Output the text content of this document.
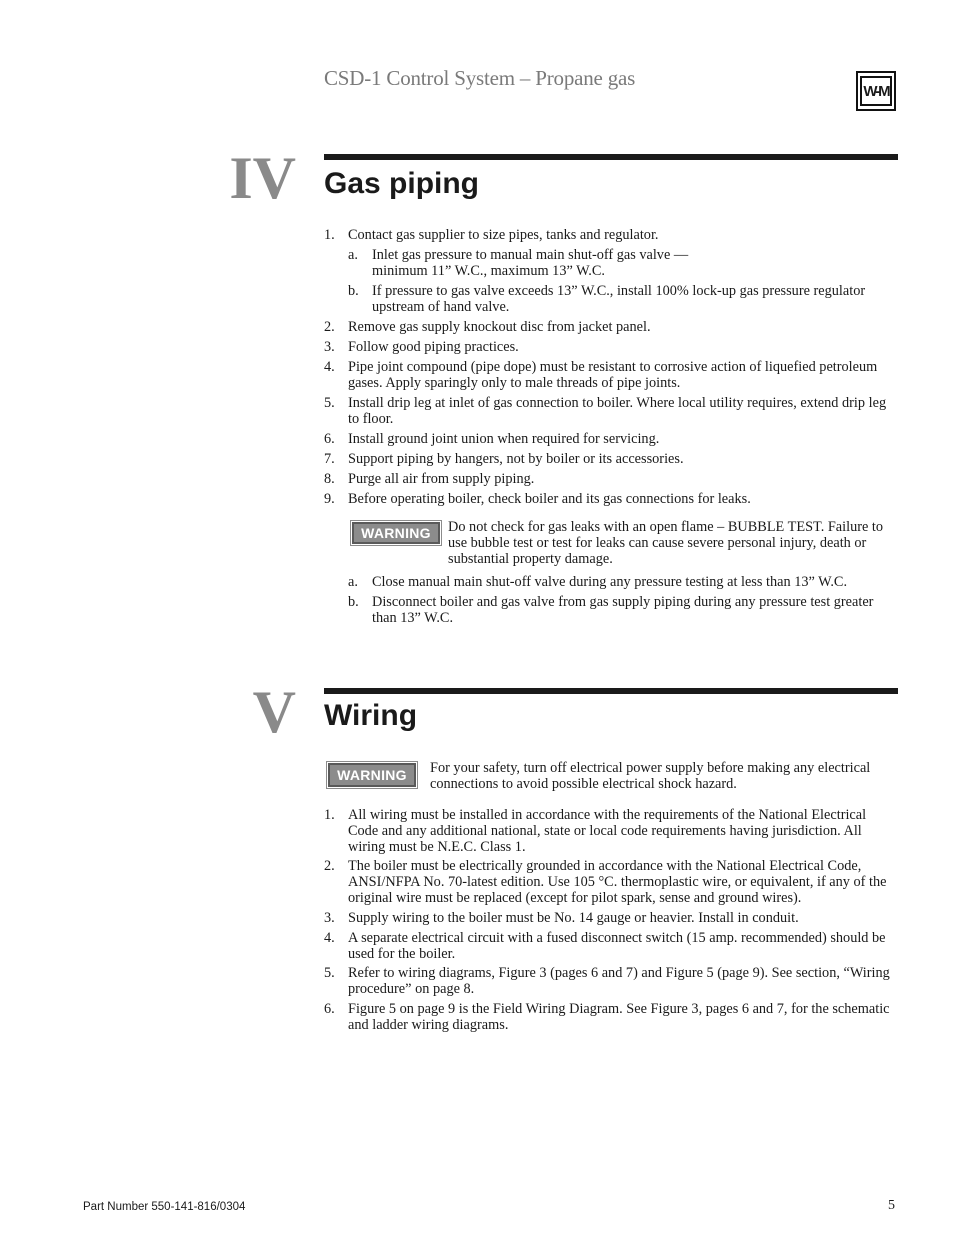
CSD-1 Control System – Propane gas
W-M
IV Gas piping
1. Contact gas supplier to size pipes, tanks and regulator.
a. Inlet gas pressure to manual main shut-off gas valve — minimum 11” W.C., maximum 13” W.C.
b. If pressure to gas valve exceeds 13” W.C., install 100% lock-up gas pressure regulator upstream of hand valve.
2. Remove gas supply knockout disc from jacket panel.
3. Follow good piping practices.
4. Pipe joint compound (pipe dope) must be resistant to corrosive action of liquefied petroleum gases. Apply sparingly only to male threads of pipe joints.
5. Install drip leg at inlet of gas connection to boiler. Where local utility requires, extend drip leg to floor.
6. Install ground joint union when required for servicing.
7. Support piping by hangers, not by boiler or its accessories.
8. Purge all air from supply piping.
9. Before operating boiler, check boiler and its gas connections for leaks.
WARNING	Do not check for gas leaks with an open flame – BUBBLE TEST. Failure to use bubble test or test for leaks can cause severe personal injury, death or substantial property damage.
a. Close manual main shut-off valve during any pressure testing at less than 13” W.C.
b. Disconnect boiler and gas valve from gas supply piping during any pressure test greater than 13” W.C.
V Wiring
WARNING	For your safety, turn off electrical power supply before making any electrical connections to avoid possible electrical shock hazard.
1. All wiring must be installed in accordance with the requirements of the National Electrical Code and any additional national, state or local code requirements having jurisdiction. All wiring must be N.E.C. Class 1.
2. The boiler must be electrically grounded in accordance with the National Electrical Code, ANSI/NFPA No. 70-latest edition. Use 105 °C. thermoplastic wire, or equivalent, if any of the original wire must be replaced (except for pilot spark, sense and ground wires).
3. Supply wiring to the boiler must be No. 14 gauge or heavier. Install in conduit.
4. A separate electrical circuit with a fused disconnect switch (15 amp. recommended) should be used for the boiler.
5. Refer to wiring diagrams, Figure 3 (pages 6 and 7) and Figure 5 (page 9). See section, “Wiring procedure” on page 8.
6. Figure 5 on page 9 is the Field Wiring Diagram. See Figure 3, pages 6 and 7, for the schematic and ladder wiring diagrams.
Part Number 550-141-816/0304	5
